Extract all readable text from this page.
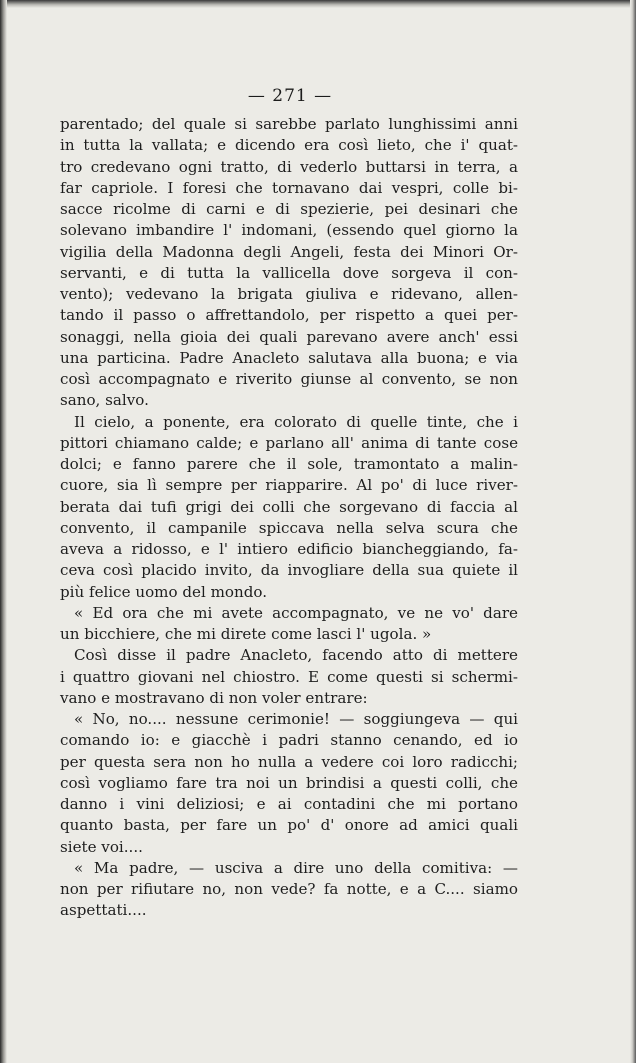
— 271 —
parentado; del quale si sarebbe parlato lunghissimi anni
in tutta la vallata; e dicendo era così lieto, che i' quat-
tro credevano ogni tratto, di vederlo buttarsi in terra, a
far capriole. I foresi che tornavano dai vespri, colle bi-
sacce ricolme di carni e di spezierie, pei desinari che
solevano imbandire l' indomani, (essendo quel giorno la
vigilia della Madonna degli Angeli, festa dei Minori Or-
servanti, e di tutta la vallicella dove sorgeva il con-
vento); vedevano la brigata giuliva e ridevano, allen-
tando il passo o affrettandolo, per rispetto a quei per-
sonaggi, nella gioia dei quali parevano avere anch' essi
una particina. Padre Anacleto salutava alla buona; e via
così accompagnato e riverito giunse al convento, se non
sano, salvo.
Il cielo, a ponente, era colorato di quelle tinte, che i
pittori chiamano calde; e parlano all' anima di tante cose
dolci; e fanno parere che il sole, tramontato a malin-
cuore, sia lì sempre per riapparire. Al po' di luce river-
berata dai tufi grigi dei colli che sorgevano di faccia al
convento, il campanile spiccava nella selva scura che
aveva a ridosso, e l' intiero edificio biancheggiando, fa-
ceva così placido invito, da invogliare della sua quiete il
più felice uomo del mondo.
« Ed ora che mi avete accompagnato, ve ne vo' dare
un bicchiere, che mi direte come lasci l' ugola. »
Così disse il padre Anacleto, facendo atto di mettere
i quattro giovani nel chiostro. E come questi si schermi-
vano e mostravano di non voler entrare:
« No, no.... nessune cerimonie! — soggiungeva — qui
comando io: e giacchè i padri stanno cenando, ed io
per questa sera non ho nulla a vedere coi loro radicchi;
così vogliamo fare tra noi un brindisi a questi colli, che
danno i vini deliziosi; e ai contadini che mi portano
quanto basta, per fare un po' d' onore ad amici quali
siete voi....
« Ma padre, — usciva a dire uno della comitiva: —
non per rifiutare no, non vede? fa notte, e a C.... siamo
aspettati....
